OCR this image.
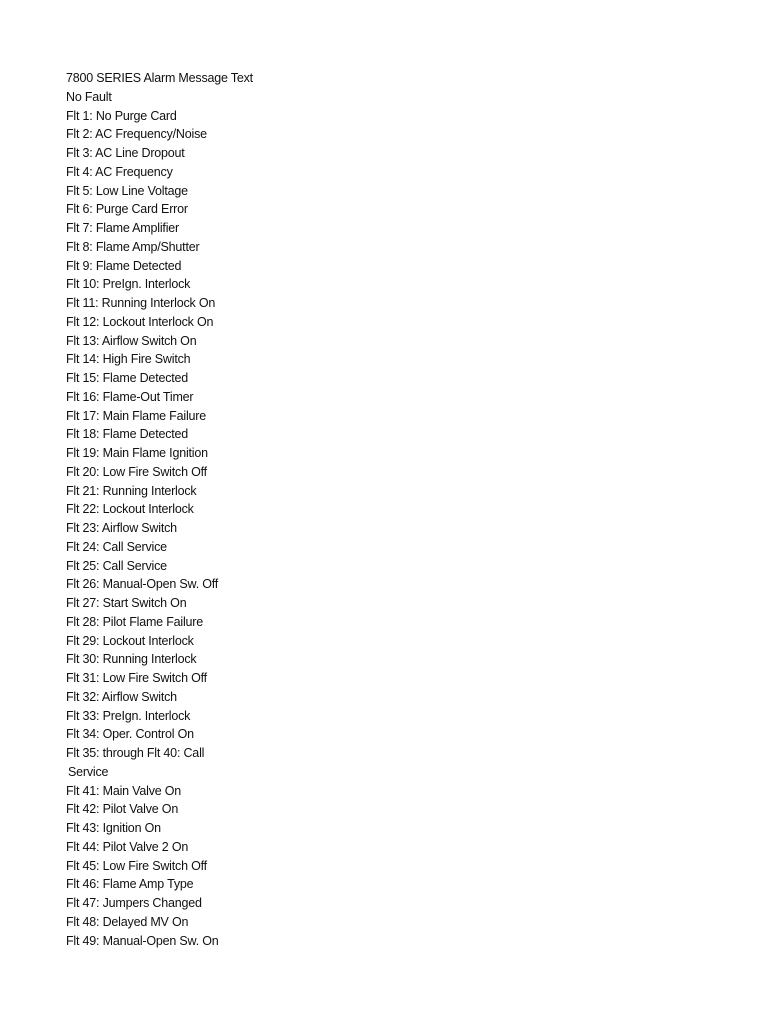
7800 SERIES Alarm Message Text
No Fault
Flt 1: No Purge Card
Flt 2: AC Frequency/Noise
Flt 3: AC Line Dropout
Flt 4: AC Frequency
Flt 5: Low Line Voltage
Flt 6: Purge Card Error
Flt 7: Flame Amplifier
Flt 8: Flame Amp/Shutter
Flt 9: Flame Detected
Flt 10: PreIgn. Interlock
Flt 11: Running Interlock On
Flt 12: Lockout Interlock On
Flt 13: Airflow Switch On
Flt 14: High Fire Switch
Flt 15: Flame Detected
Flt 16: Flame-Out Timer
Flt 17: Main Flame Failure
Flt 18: Flame Detected
Flt 19: Main Flame Ignition
Flt 20: Low Fire Switch Off
Flt 21: Running Interlock
Flt 22: Lockout Interlock
Flt 23: Airflow Switch
Flt 24: Call Service
Flt 25: Call Service
Flt 26: Manual-Open Sw. Off
Flt 27: Start Switch On
Flt 28: Pilot Flame Failure
Flt 29: Lockout Interlock
Flt 30: Running Interlock
Flt 31: Low Fire Switch Off
Flt 32: Airflow Switch
Flt 33: PreIgn. Interlock
Flt 34: Oper. Control On
Flt 35: through Flt 40: Call
Service
Flt 41: Main Valve On
Flt 42: Pilot Valve On
Flt 43: Ignition On
Flt 44: Pilot Valve 2 On
Flt 45: Low Fire Switch Off
Flt 46: Flame Amp Type
Flt 47: Jumpers Changed
Flt 48: Delayed MV On
Flt 49: Manual-Open Sw. On
